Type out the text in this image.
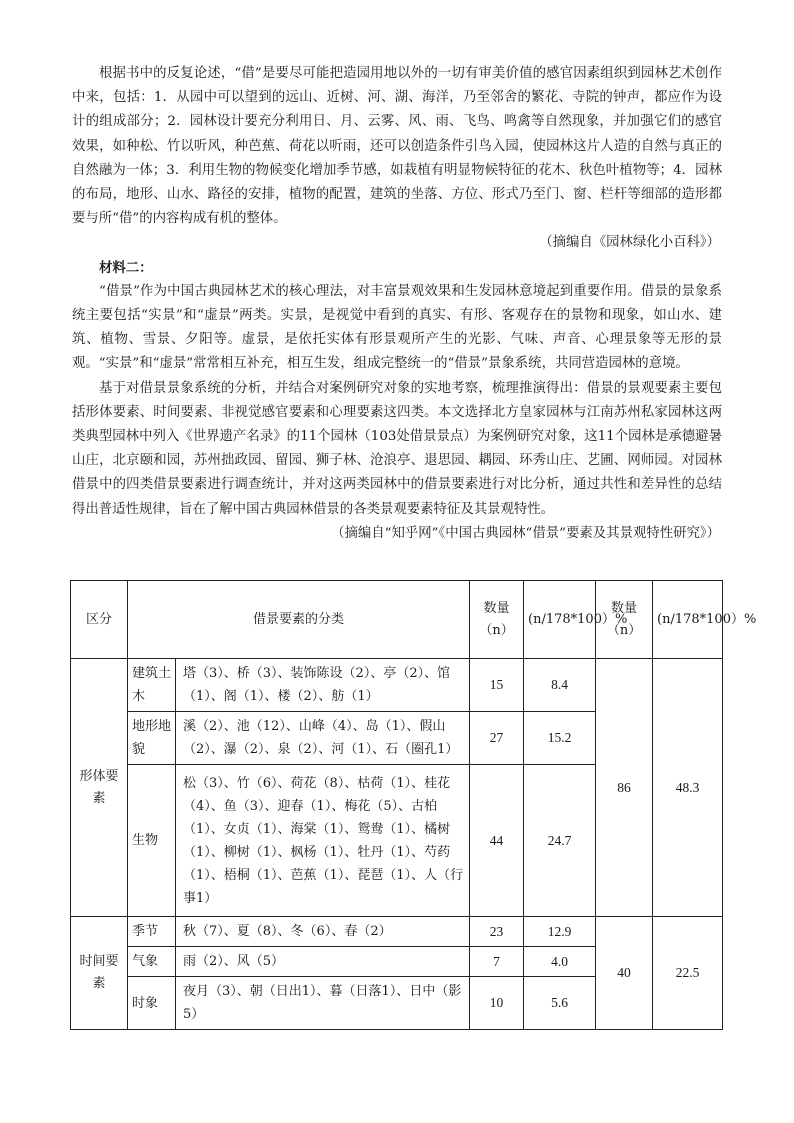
根据书中的反复论述，“借”是要尽可能把造园用地以外的一切有审美价值的感官因素组织到园林艺术创作中来，包括：1．从园中可以望到的远山、近树、河、湖、海洋，乃至邻舍的繁花、寺院的钟声，都应作为设计的组成部分；2．园林设计要充分利用日、月、云雾、风、雨、飞鸟、鸣禽等自然现象，并加强它们的感官效果，如种松、竹以听风，种芭蕉、荷花以听雨，还可以创造条件引鸟入园，使园林这片人造的自然与真正的自然融为一体；3．利用生物的物候变化增加季节感，如栽植有明显物候特征的花木、秋色叶植物等；4．园林的布局，地形、山水、路径的安排，植物的配置，建筑的坐落、方位、形式乃至门、窗、栏杆等细部的造形都要与所“借”的内容构成有机的整体。

（摘编自《园林绿化小百科》）

材料二：

“借景”作为中国古典园林艺术的核心理法，对丰富景观效果和生发园林意境起到重要作用。借景的景象系统主要包括“实景”和“虚景”两类。实景，是视觉中看到的真实、有形、客观存在的景物和现象，如山水、建筑、植物、雪景、夕阳等。虚景，是依托实体有形景观所产生的光影、气味、声音、心理景象等无形的景观。“实景”和“虚景”常常相互补充，相互生发，组成完整统一的“借景”景象系统，共同营造园林的意境。

基于对借景景象系统的分析，并结合对案例研究对象的实地考察，梳理推演得出：借景的景观要素主要包括形体要素、时间要素、非视觉感官要素和心理要素这四类。本文选择北方皇家园林与江南苏州私家园林这两类典型园林中列入《世界遗产名录》的11个园林（103处借景景点）为案例研究对象，这11个园林是承德避暑山庄，北京颐和园，苏州拙政园、留园、狮子林、沧浪亭、退思园、耦园、环秀山庄、艺圃、网师园。对园林借景中的四类借景要素进行调查统计，并对这两类园林中的借景要素进行对比分析，通过共性和差异性的总结得出普适性规律，旨在了解中国古典园林借景的各类景观要素特征及其景观特性。

（摘编自“知乎网”《中国古典园林“借景”要素及其景观特性研究》）

区分	借景要素的分类		数量（n）	(n/178*100）%	数量（n）	(n/178*100）%
形体要素	建筑土木	塔（3）、桥（3）、装饰陈设（2）、亭（2）、馆（1）、阁（1）、楼（2）、舫（1）	15	8.4	86	48.3
	地形地貌	溪（2）、池（12）、山峰（4）、岛（1）、假山（2）、瀑（2）、泉（2）、河（1）、石（圈孔1）	27	15.2		
	生物	松（3）、竹（6）、荷花（8）、枯荷（1）、桂花（4）、鱼（3）、迎春（1）、梅花（5）、古柏（1）、女贞（1）、海棠（1）、鸳鸯（1）、橘树（1）、柳树（1）、枫杨（1）、牡丹（1）、芍药（1）、梧桐（1）、芭蕉（1）、琵琶（1）、人（行事1）	44	24.7		
时间要素	季节	秋（7）、夏（8）、冬（6）、春（2）	23	12.9	40	22.5
	气象	雨（2）、风（5）	7	4.0		
	时象	夜月（3）、朝（日出1）、暮（日落1）、日中（影5）	10	5.6		
